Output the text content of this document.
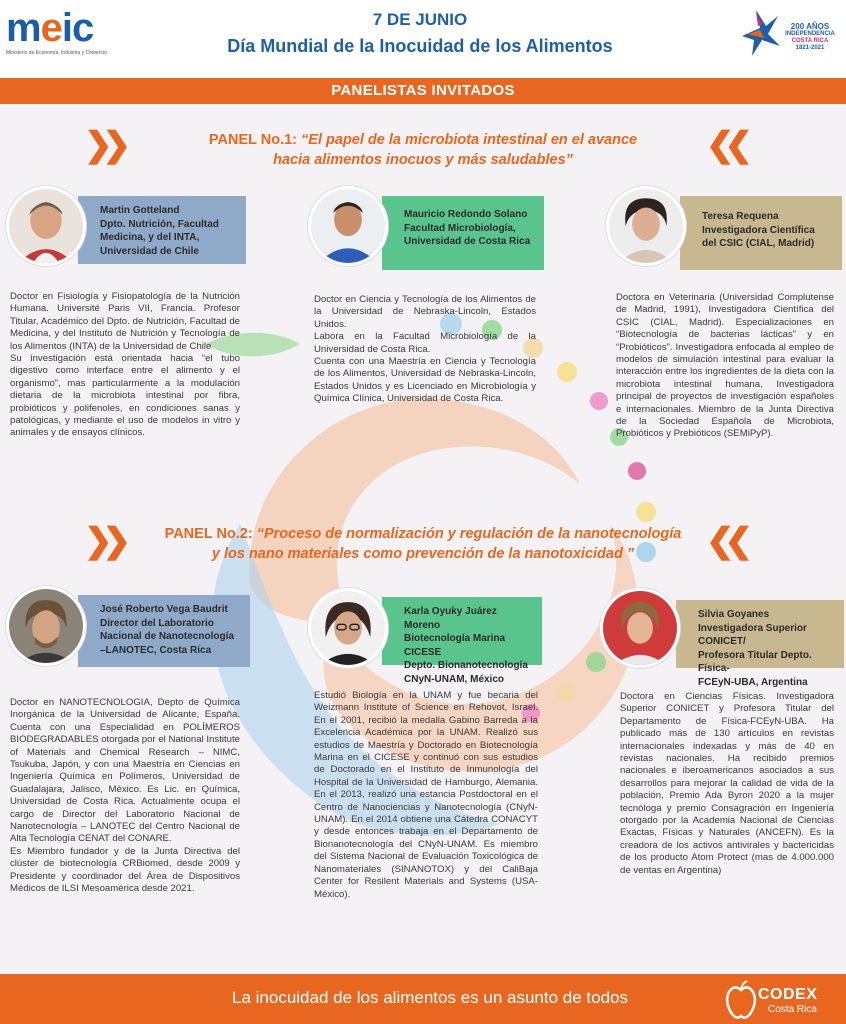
meic
Ministerio de Economía, Industria y Comercio
7 DE JUNIO
Día Mundial de la Inocuidad de los Alimentos
200 AÑOS
INDEPENDENCIA
COSTA RICA
1821-2021
PANELISTAS INVITADOS
❯❯	❮❮
PANEL No.1: “El papel de la microbiota intestinal en el avance
hacia alimentos inocuos y más saludables”
Martin Gotteland
Dpto. Nutrición, Facultad
Medicina, y del INTA,
Universidad de Chile
Doctor en Fisiología y Fisiopatología de la Nutrición Humana. Université Paris VII, Francia. Profesor Titular, Académico del Dpto. de Nutrición, Facultad de Medicina, y del Instituto de Nutrición y Tecnología de los Alimentos (INTA) de la Universidad de Chile
Su investigación está orientada hacia “el tubo digestivo como interface entre el alimento y el organismo”, mas particularmente a la modulación dietaria de la microbiota intestinal por fibra, probióticos y polifenoles, en condiciones sanas y patológicas, y mediante el uso de modelos in vitro y animales y de ensayos clínicos.
Mauricio Redondo Solano
Facultad Microbiología,
Universidad de Costa Rica
Doctor en Ciencia y Tecnología de los Alimentos de la Universidad de Nebraska-Lincoln, Estados Unidos.
Labora en la Facultad Microbiología de la Universidad de Costa Rica.
Cuenta con una Maestría en Ciencia y Tecnología de los Alimentos, Universidad de Nebraska-Lincoln, Estados Unidos y es Licenciado en Microbiología y Química Clínica, Universidad de Costa Rica.
Teresa Requena
Investigadora Científica
del CSIC (CIAL, Madrid)
Doctora en Veterinaria (Universidad Complutense de Madrid, 1991), Investigadora Científica del CSIC (CIAL, Madrid). Especializaciones en “Biotecnología de bacterias lácticas” y en “Probióticos”. Investigadora enfocada al empleo de modelos de simulación intestinal para evaluar la interacción entre los ingredientes de la dieta con la microbiota intestinal humana. Investigadora principal de proyectos de investigación españoles e internacionales. Miembro de la Junta Directiva de la Sociedad Española de Microbiota, Probióticos y Prebióticos (SEMiPyP).
❯❯	❮❮
PANEL No.2: “Proceso de normalización y regulación de la nanotecnología
y los nano materiales como prevención de la nanotoxicidad ”
José Roberto Vega Baudrit
Director del Laboratorio
Nacional de Nanotecnología
–LANOTEC, Costa Rica
Doctor en NANOTECNOLOGIA, Depto de Química Inorgánica de la Universidad de Alicante, España. Cuenta con una Especialidad en POLÍMEROS BIODEGRADABLES otorgada por el National Institute of Materials and Chemical Research – NIMC, Tsukuba, Japón, y con una Maestría en Ciencias en Ingeniería Química en Polímeros, Universidad de Guadalajara, Jalisco, México. Es Lic. en Química, Universidad de Costa Rica. Actualmente ocupa el cargo de Director del Laboratorio Nacional de Nanotecnología – LANOTEC del Centro Nacional de Alta Tecnología CENAT del CONARE.
Es Miembro fundador y de la Junta Directiva del clúster de biotecnología CRBiomed, desde 2009 y Presidente y coordinador del Área de Dispositivos Médicos de ILSI Mesoamérica desde 2021.
Karla Oyuky Juárez Moreno
Biotecnología Marina CICESE
Depto. Bionanotecnología
CNyN-UNAM, México
Estudió Biología en la UNAM y fue becaria del Weizmann Institute of Science en Rehovot, Israel. En el 2001, recibió la medalla Gabino Barreda a la Excelencia Académica por la UNAM. Realizó sus estudios de Maestría y Doctorado en Biotecnología Marina en el CICESE y continuó con sus estudios de Doctorado en el Instituto de Inmunología del Hospital de la Universidad de Hamburgo, Alemania. En el 2013, realizó una estancia Postdoctoral en el Centro de Nanociencias y Nanotecnología (CNyN-UNAM). En el 2014 obtiene una Cátedra CONACYT y desde entonces trabaja en el Departamento de Bionanotecnología del CNyN-UNAM. Es miembro del Sistema Nacional de Evaluación Toxicológica de Nanomateriales (SINANOTOX) y del CaliBaja Center for Resilent Materials and Systems (USA-México).
Silvia Goyanes
Investigadora Superior CONICET/
Profesora Titular Depto. Física-
FCEyN-UBA, Argentina
Doctora en Ciencias Físicas. Investigadora Superior CONICET y Profesora Titular del Departamento de Física-FCEyN-UBA. Ha publicado más de 130 artículos en revistas internacionales indexadas y más de 40 en revistas nacionales. Ha recibido premios nacionales e iberoamericanos asociados a sus desarrollos para mejorar la calidad de vida de la población, Premio Ada Byron 2020 a la mujer tecnóloga y premio Consagración en Ingeniería otorgado por la Academia Nacional de Ciencias Exactas, Físicas y Naturales (ANCEFN). Es la creadora de los activos antivirales y bactericidas de los producto Atom Protect (mas de 4.000.000 de ventas en Argentina)
La inocuidad de los alimentos es un asunto de todos	CODEX
Costa Rica
